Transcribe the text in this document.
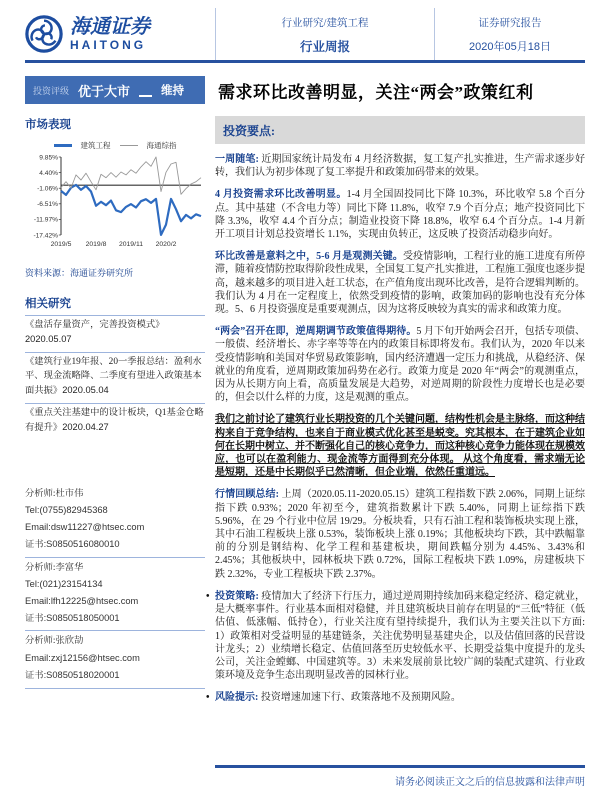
海通证券
HAITONG
行业研究/建筑工程
行业周报
证券研究报告
2020年05月18日
投资评级 优于大市	维持	需求环比改善明显，关注“两会”政策红利
市场表现
建筑工程	海通综指
9.85%
4.40%
-1.06%
-6.51%
-11.97%
-17.42%
2019/5 2019/8 2019/11 2020/2
资料来源：海通证券研究所
相关研究
《盘活存量资产，完善投资模式》2020.05.07
《建筑行业19年报、20一季报总结：盈利水平、现金流略降、二季度有望进入政策基本面共振》2020.05.04
《重点关注基建中的设计板块，Q1基金仓略有提升》2020.04.27
分析师:杜市伟
Tel:(0755)82945368
Email:dsw11227@htsec.com
证书:S0850516080010
分析师:李富华
Tel:(021)23154134
Email:lfh12225@htsec.com
证书:S0850518050001
分析师:张欣劼
Email:zxj12156@htsec.com
证书:S0850518020001
投资要点:

一周随笔: 近期国家统计局发布 4 月经济数据，复工复产扎实推进，生产需求逐步好转，我们认为初步体现了复工率提升和政策加码带来的效果。

4 月投资需求环比改善明显。1-4 月全国固投同比下降 10.3%，环比收窄 5.8 个百分点。其中基建（不含电力等）同比下降 11.8%，收窄 7.9 个百分点；地产投资同比下降 3.3%，收窄 4.4 个百分点；制造业投资下降 18.8%，收窄 6.4 个百分点。1-4 月新开工项目计划总投资增长 1.1%，实现由负转正，这反映了投资活动稳步向好。

环比改善是意料之中，5-6 月是观测关键。受疫情影响，工程行业的施工进度有所停滞，随着疫情防控取得阶段性成果，全国复工复产扎实推进，工程施工强度也逐步提高，越来越多的项目进入赶工状态，在产值角度出现环比改善，是符合逻辑判断的。我们认为 4 月在一定程度上，依然受到疫情的影响，政策加码的影响也没有充分体现。5、6 月投资强度是重要观测点，因为这将反映较为真实的需求和政策力度。

“两会”召开在即，逆周期调节政策值得期待。5 月下旬开始两会召开，包括专项债、一般债、经济增长、赤字率等等在内的政策目标即将发布。我们认为，2020 年以来受疫情影响和美国对华贸易政策影响，国内经济遭遇一定压力和挑战，从稳经济、保就业的角度看，逆周期政策加码势在必行。政策力度是 2020 年“两会”的观测重点，因为从长期方向上看，高质量发展是大趋势，对逆周期的阶段性力度增长也是必要的，但会以什么样的力度，这是观测的重点。

我们之前讨论了建筑行业长期投资的几个关键问题，结构性机会是主脉络，而这种结构来自于竞争结构，也来自于商业模式优化甚至是蜕变。究其根本，在于建筑企业如何在长期中树立、并不断强化自己的核心竞争力，而这种核心竞争力能体现在规模效应，也可以在盈利能力、现金流等方面得到充分体现。 从这个角度看，需求端无论是短期，还是中长期似乎已然清晰，但企业端，依然任重道远。

行情回顾总结: 上周（2020.05.11-2020.05.15）建筑工程指数下跌 2.06%，同期上证综指下跌 0.93%；2020 年初至今，建筑指数累计下跌 5.40%，同期上证综指下跌 5.96%，在 29 个行业中位居 19/29。分板块看，只有石油工程和装饰板块实现上涨，其中石油工程板块上涨 0.53%，装饰板块上涨 0.19%；其他板块均下跌，其中跌幅靠前的分别是钢结构、化学工程和基建板块，期间跌幅分别为 4.45%、3.43%和 2.45%；其他板块中，园林板块下跌 0.72%，国际工程板块下跌 1.09%，房建板块下跌 2.32%，专业工程板块下跌 2.37%。

• 投资策略: 疫情加大了经济下行压力，通过逆周期持续加码来稳定经济、稳定就业，是大概率事件。行业基本面相对稳健，并且建筑板块目前存在明显的“三低”特征（低估值、低涨幅、低持仓），行业关注度有望持续提升，我们认为主要关注以下方面: 1）政策相对受益明显的基建链条，关注优势明显基建央企，以及估值回落的民营设计龙头；2）业绩增长稳定、估值回落至历史较低水平、长期受益集中度提升的龙头公司，关注金螳螂、中国建筑等。3）未来发展前景比较广阔的装配式建筑、行业政策环境及竞争生态出现明显改善的园林行业。

• 风险提示: 投资增速加速下行、政策落地不及预期风险。

请务必阅读正文之后的信息披露和法律声明
